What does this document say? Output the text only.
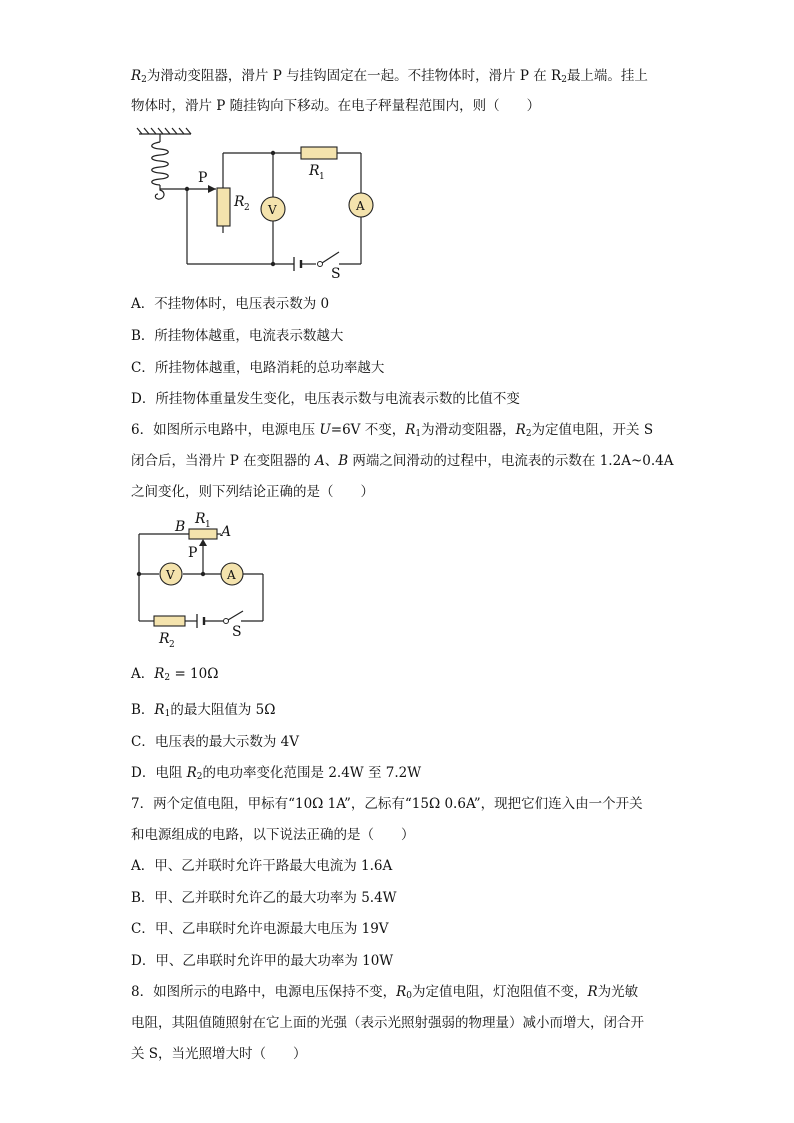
$R_2$为滑动变阻器，滑片 P 与挂钩固定在一起。不挂物体时，滑片 P 在 $R_2$最上端。挂上
物体时，滑片 P 随挂钩向下移动。在电子秤量程范围内，则（　　）
P
R 2
R 1
V	A
S
A．不挂物体时，电压表示数为 0
B．所挂物体越重，电流表示数越大
C．所挂物体越重，电路消耗的总功率越大
D．所挂物体重量发生变化，电压表示数与电流表示数的比值不变
6．如图所示电路中，电源电压 U=6V 不变，$R_1$为滑动变阻器，$R_2$为定值电阻，开关 S
闭合后，当滑片 P 在变阻器的 A、B 两端之间滑动的过程中，电流表的示数在 1.2A~0.4A
之间变化，则下列结论正确的是（　　）
B R 1 A
P
V	A
R 2
S
A．$R_2 = 10\Omega$
B．$R_1$的最大阻值为 5Ω
C．电压表的最大示数为 4V
D．电阻 $R_2$的电功率变化范围是 2.4W 至 7.2W
7．两个定值电阻，甲标有“10Ω 1A”，乙标有“15Ω 0.6A”，现把它们连入由一个开关
和电源组成的电路，以下说法正确的是（　　）
A．甲、乙并联时允许干路最大电流为 1.6A
B．甲、乙并联时允许乙的最大功率为 5.4W
C．甲、乙串联时允许电源最大电压为 19V
D．甲、乙串联时允许甲的最大功率为 10W
8．如图所示的电路中，电源电压保持不变，$R_0$为定值电阻，灯泡阻值不变，R为光敏
电阻，其阻值随照射在它上面的光强（表示光照射强弱的物理量）减小而增大，闭合开
关 S，当光照增大时（　　）
